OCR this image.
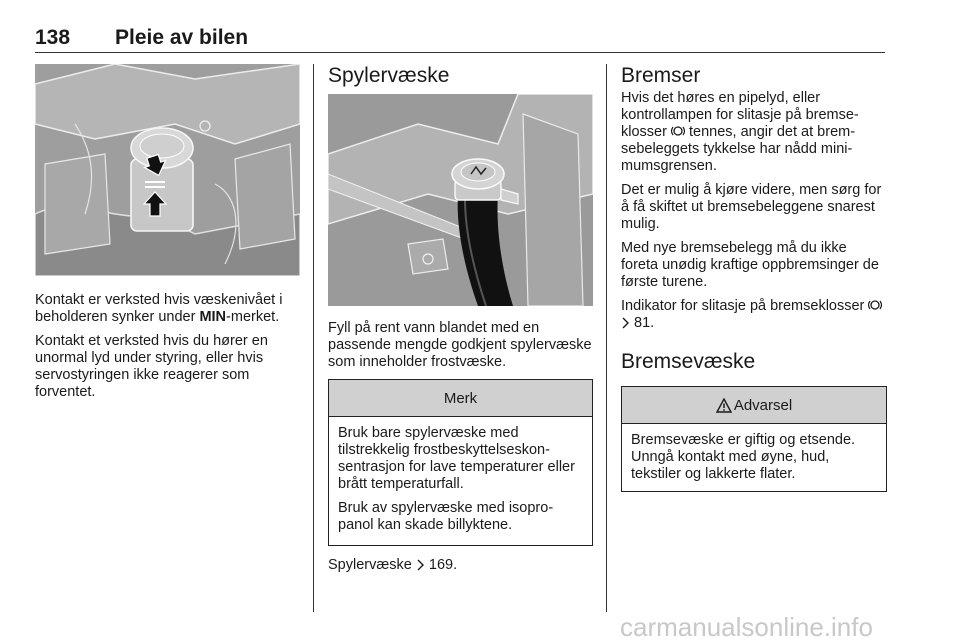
138 Pleie av bilen

Kontakt er verksted hvis væskenivået i beholderen synker under MIN-merket.

Kontakt et verksted hvis du hører en unormal lyd under styring, eller hvis servostyringen ikke reagerer som forventet.

Spylervæske

Fyll på rent vann blandet med en passende mengde godkjent spylervæske som inneholder frostvæske.

Merk

Bruk bare spylervæske med tilstrekkelig frostbeskyttelseskonsentrasjon for lave temperaturer eller brått temperaturfall.

Bruk av spylervæske med isopropanol kan skade billyktene.

Spylervæske 169.

Bremser

Hvis det høres en pipelyd, eller kontrollampen for slitasje på bremseklosser tennes, angir det at bremsebeleggets tykkelse har nådd minimumsgrensen.

Det er mulig å kjøre videre, men sørg for å få skiftet ut bremsebeleggene snarest mulig.

Med nye bremsebelegg må du ikke foreta unødig kraftige oppbremsinger de første turene.

Indikator for slitasje på bremseklosser   81.

Bremsevæske
Advarsel

Bremsevæske er giftig og etsende. Unngå kontakt med øyne, hud, tekstiler og lakkerte flater.

carmanualsonline.info
